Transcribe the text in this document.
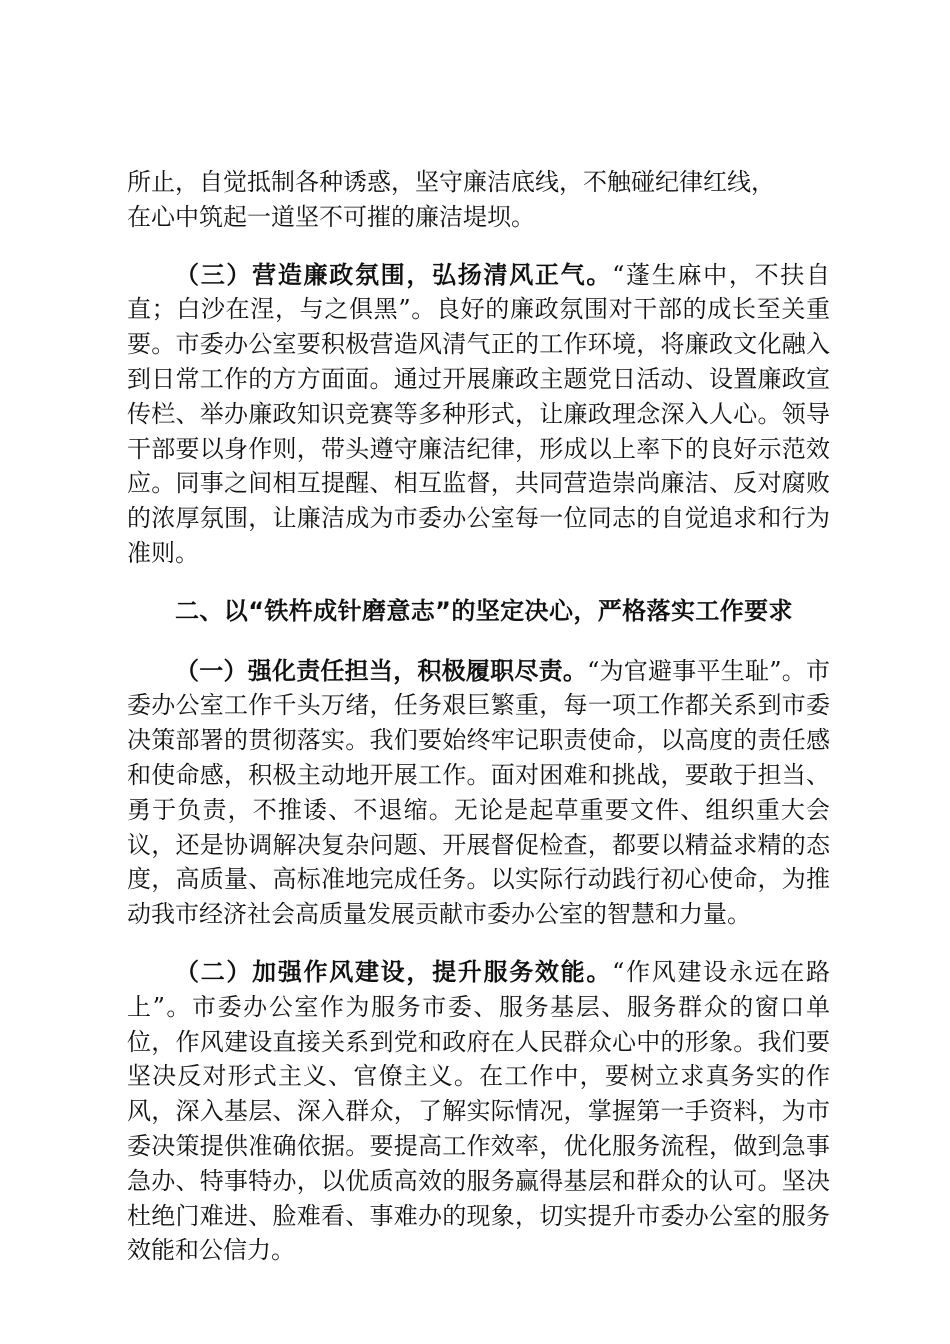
所止，自觉抵制各种诱惑，坚守廉洁底线，不触碰纪律红线，
在心中筑起一道坚不可摧的廉洁堤坝。

（三）营造廉政氛围，弘扬清风正气。“蓬生麻中，不扶自直；白沙在涅，与之俱黑”。良好的廉政氛围对干部的成长至关重要。市委办公室要积极营造风清气正的工作环境，将廉政文化融入到日常工作的方方面面。通过开展廉政主题党日活动、设置廉政宣传栏、举办廉政知识竞赛等多种形式，让廉政理念深入人心。领导干部要以身作则，带头遵守廉洁纪律，形成以上率下的良好示范效应。同事之间相互提醒、相互监督，共同营造崇尚廉洁、反对腐败的浓厚氛围，让廉洁成为市委办公室每一位同志的自觉追求和行为准则。

二、以“铁杵成针磨意志”的坚定决心，严格落实工作要求

（一）强化责任担当，积极履职尽责。“为官避事平生耻”。市委办公室工作千头万绪，任务艰巨繁重，每一项工作都关系到市委决策部署的贯彻落实。我们要始终牢记职责使命，以高度的责任感和使命感，积极主动地开展工作。面对困难和挑战，要敢于担当、勇于负责，不推诿、不退缩。无论是起草重要文件、组织重大会议，还是协调解决复杂问题、开展督促检查，都要以精益求精的态度，高质量、高标准地完成任务。以实际行动践行初心使命，为推动我市经济社会高质量发展贡献市委办公室的智慧和力量。

（二）加强作风建设，提升服务效能。“作风建设永远在路上”。市委办公室作为服务市委、服务基层、服务群众的窗口单位，作风建设直接关系到党和政府在人民群众心中的形象。我们要坚决反对形式主义、官僚主义。在工作中，要树立求真务实的作风，深入基层、深入群众，了解实际情况，掌握第一手资料，为市委决策提供准确依据。要提高工作效率，优化服务流程，做到急事急办、特事特办，以优质高效的服务赢得基层和群众的认可。坚决杜绝门难进、脸难看、事难办的现象，切实提升市委办公室的服务效能和公信力。
